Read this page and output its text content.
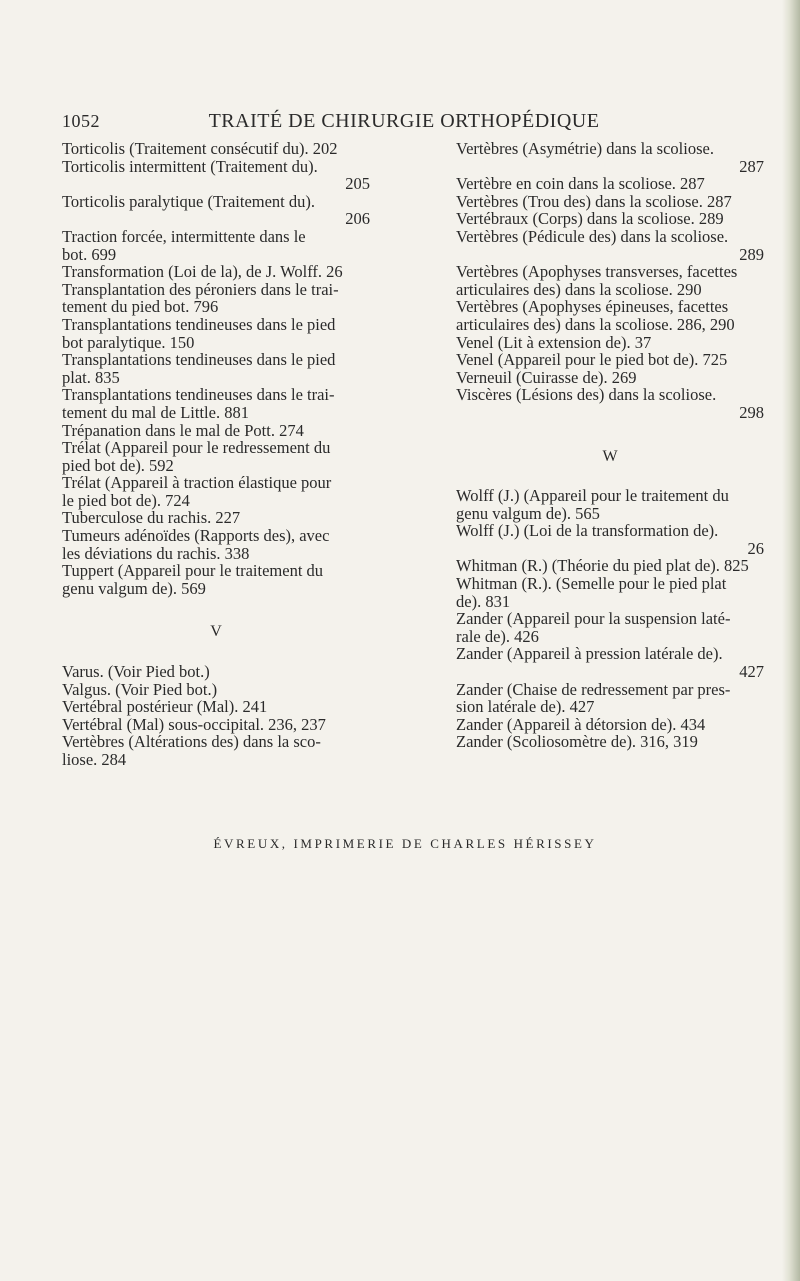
1052	TRAITÉ DE CHIRURGIE ORTHOPÉDIQUE

Torticolis (Traitement consécutif du). 202

Torticolis intermittent (Traitement du).
205

Torticolis paralytique (Traitement du).
206

Traction forcée, intermittente dans le
bot. 699

Transformation (Loi de la), de J. Wolff. 26

Transplantation des péroniers dans le trai-
tement du pied bot. 796

Transplantations tendineuses dans le pied
bot paralytique. 150

Transplantations tendineuses dans le pied
plat. 835

Transplantations tendineuses dans le trai-
tement du mal de Little. 881

Trépanation dans le mal de Pott. 274

Trélat (Appareil pour le redressement du
pied bot de). 592

Trélat (Appareil à traction élastique pour
le pied bot de). 724

Tuberculose du rachis. 227

Tumeurs adénoïdes (Rapports des), avec
les déviations du rachis. 338

Tuppert (Appareil pour le traitement du
genu valgum de). 569

V

Varus. (Voir Pied bot.)

Valgus. (Voir Pied bot.)

Vertébral postérieur (Mal). 241

Vertébral (Mal) sous-occipital. 236, 237

Vertèbres (Altérations des) dans la sco-
liose. 284

Vertèbres (Asymétrie) dans la scoliose.
287

Vertèbre en coin dans la scoliose. 287

Vertèbres (Trou des) dans la scoliose. 287

Vertébraux (Corps) dans la scoliose. 289

Vertèbres (Pédicule des) dans la scoliose.
289

Vertèbres (Apophyses transverses, facettes
articulaires des) dans la scoliose. 290

Vertèbres (Apophyses épineuses, facettes
articulaires des) dans la scoliose. 286, 290

Venel (Lit à extension de). 37

Venel (Appareil pour le pied bot de). 725

Verneuil (Cuirasse de). 269

Viscères (Lésions des) dans la scoliose.
298

W

Wolff (J.) (Appareil pour le traitement du
genu valgum de). 565

Wolff (J.) (Loi de la transformation de).
26

Whitman (R.) (Théorie du pied plat de). 825

Whitman (R.). (Semelle pour le pied plat
de). 831

Zander (Appareil pour la suspension laté-
rale de). 426

Zander (Appareil à pression latérale de).
427

Zander (Chaise de redressement par pres-
sion latérale de). 427

Zander (Appareil à détorsion de). 434

Zander (Scoliosomètre de). 316, 319

ÉVREUX, IMPRIMERIE DE CHARLES HÉRISSEY
